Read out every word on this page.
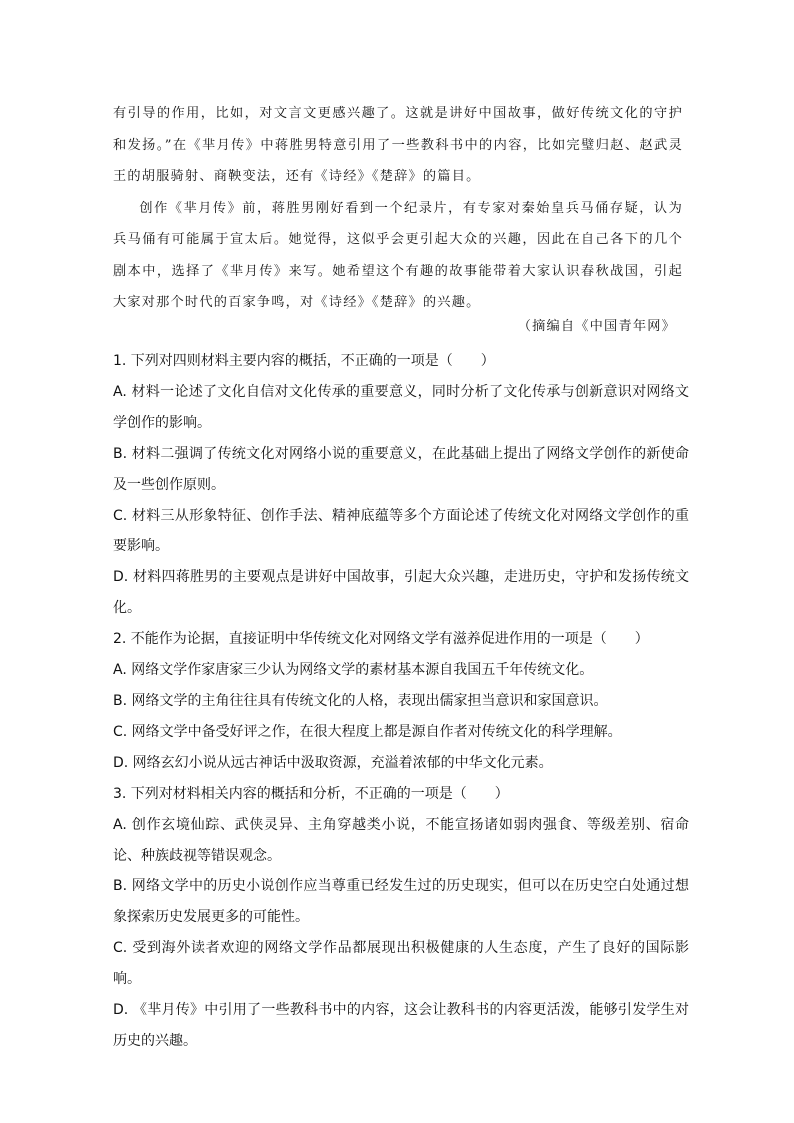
有引导的作用，比如，对文言文更感兴趣了。这就是讲好中国故事，做好传统文化的守护和发扬。”在《芈月传》中蒋胜男特意引用了一些教科书中的内容，比如完璧归赵、赵武灵王的胡服骑射、商鞅变法，还有《诗经》《楚辞》的篇目。

创作《芈月传》前，蒋胜男刚好看到一个纪录片，有专家对秦始皇兵马俑存疑，认为兵马俑有可能属于宣太后。她觉得，这似乎会更引起大众的兴趣，因此在自己各下的几个剧本中，选择了《芈月传》来写。她希望这个有趣的故事能带着大家认识春秋战国，引起大家对那个时代的百家争鸣，对《诗经》《楚辞》的兴趣。

（摘编自《中国青年网》

1. 下列对四则材料主要内容的概括，不正确的一项是（　　）

A. 材料一论述了文化自信对文化传承的重要意义，同时分析了文化传承与创新意识对网络文学创作的影响。

B. 材料二强调了传统文化对网络小说的重要意义，在此基础上提出了网络文学创作的新使命及一些创作原则。

C. 材料三从形象特征、创作手法、精神底蕴等多个方面论述了传统文化对网络文学创作的重要影响。

D. 材料四蒋胜男的主要观点是讲好中国故事，引起大众兴趣，走进历史，守护和发扬传统文化。

2. 不能作为论据，直接证明中华传统文化对网络文学有滋养促进作用的一项是（　　）

A. 网络文学作家唐家三少认为网络文学的素材基本源自我国五千年传统文化。

B. 网络文学的主角往往具有传统文化的人格，表现出儒家担当意识和家国意识。

C. 网络文学中备受好评之作，在很大程度上都是源自作者对传统文化的科学理解。

D. 网络玄幻小说从远古神话中汲取资源，充溢着浓郁的中华文化元素。

3. 下列对材料相关内容的概括和分析，不正确的一项是（　　）

A. 创作玄境仙踪、武侠灵异、主角穿越类小说，不能宣扬诸如弱肉强食、等级差别、宿命论、种族歧视等错误观念。

B. 网络文学中的历史小说创作应当尊重已经发生过的历史现实，但可以在历史空白处通过想象探索历史发展更多的可能性。

C. 受到海外读者欢迎的网络文学作品都展现出积极健康的人生态度，产生了良好的国际影响。

D. 《芈月传》中引用了一些教科书中的内容，这会让教科书的内容更活泼，能够引发学生对历史的兴趣。
